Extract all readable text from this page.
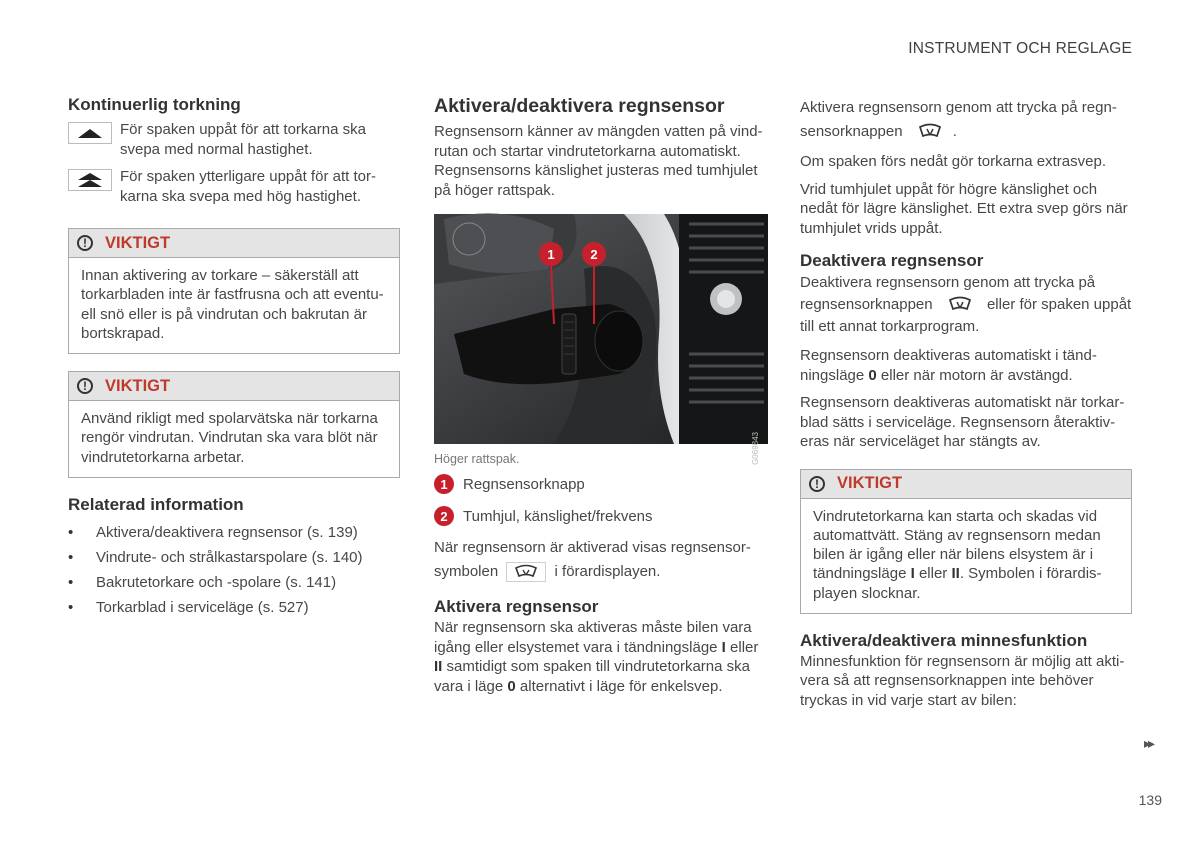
INSTRUMENT OCH REGLAGE
Kontinuerlig torkning

För spaken uppåt för att torkarna ska svepa med normal hastighet.

För spaken ytterligare uppåt för att tor-karna ska svepa med hög hastighet.

!	VIKTIGT

Innan aktivering av torkare – säkerställ att torkarbladen inte är fastfrusna och att eventu-ell snö eller is på vindrutan och bakrutan är bortskrapad.

!	VIKTIGT

Använd rikligt med spolarvätska när torkarna rengör vindrutan. Vindrutan ska vara blöt när vindrutetorkarna arbetar.

Relaterad information
• Aktivera/deaktivera regnsensor (s. 139)
• Vindrute- och strålkastarspolare (s. 140)
• Bakrutetorkare och -spolare (s. 141)
• Torkarblad i serviceläge (s. 527)
Aktivera/deaktivera regnsensor

Regnsensorn känner av mängden vatten på vind-rutan och startar vindrutetorkarna automatiskt. Regnsensorns känslighet justeras med tumhjulet på höger rattspak.

1	2
G069843
Höger rattspak.
1	Regnsensorknapp
2	Tumhjul, känslighet/frekvens

När regnsensorn är aktiverad visas regnsensor-symbolen	i förardisplayen.

Aktivera regnsensor

När regnsensorn ska aktiveras måste bilen vara igång eller elsystemet vara i tändningsläge I eller II samtidigt som spaken till vindrutetorkarna ska vara i läge 0 alternativt i läge för enkelsvep.

Aktivera regnsensorn genom att trycka på regn-sensorknappen	.

Om spaken förs nedåt gör torkarna extrasvep.

Vrid tumhjulet uppåt för högre känslighet och nedåt för lägre känslighet. Ett extra svep görs när tumhjulet vrids uppåt.

Deaktivera regnsensor

Deaktivera regnsensorn genom att trycka på regnsensorknappen	eller för spaken uppåt till ett annat torkarprogram.

Regnsensorn deaktiveras automatiskt i tänd-ningsläge 0 eller när motorn är avstängd.

Regnsensorn deaktiveras automatiskt när torkar-blad sätts i serviceläge. Regnsensorn återaktiv-eras när serviceläget har stängts av.

!	VIKTIGT

Vindrutetorkarna kan starta och skadas vid automattvätt. Stäng av regnsensorn medan bilen är igång eller när bilens elsystem är i tändningsläge I eller II. Symbolen i förardis-playen slocknar.

Aktivera/deaktivera minnesfunktion

Minnesfunktion för regnsensorn är möjlig att akti-vera så att regnsensorknappen inte behöver tryckas in vid varje start av bilen:

▸▸
139
